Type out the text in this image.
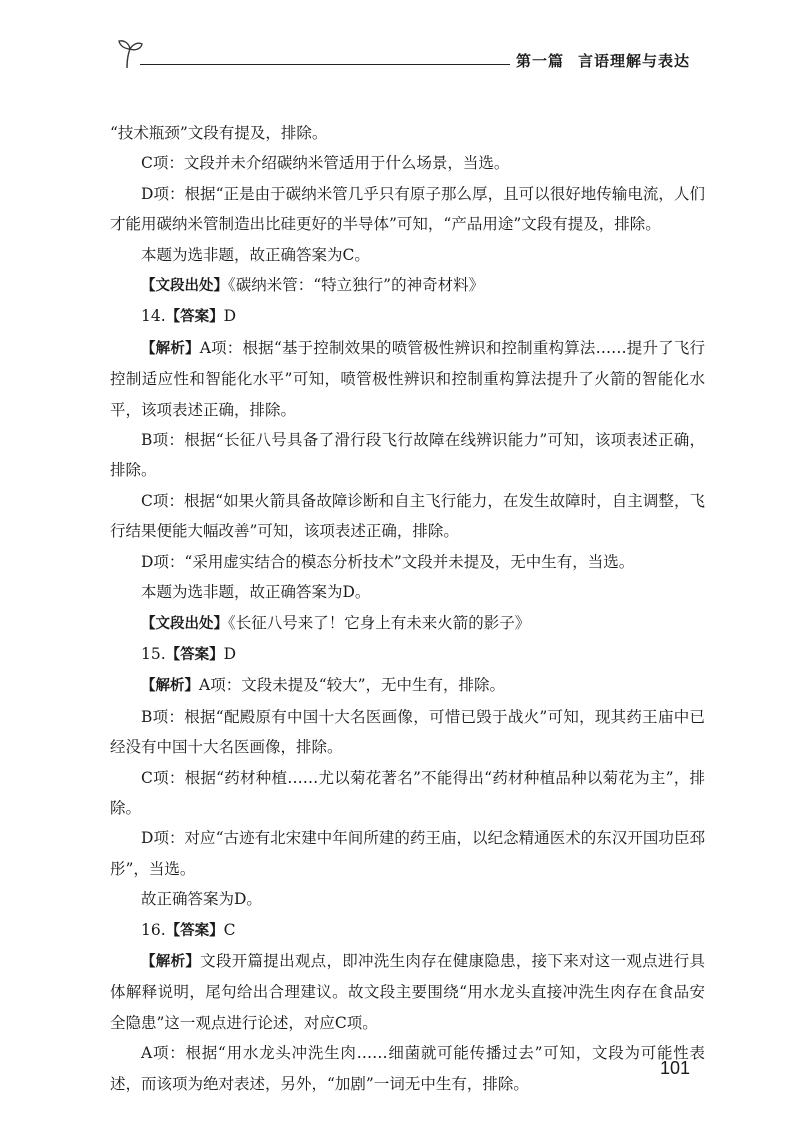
第一篇 言语理解与表达

“技术瓶颈”文段有提及，排除。

C项：文段并未介绍碳纳米管适用于什么场景，当选。

D项：根据“正是由于碳纳米管几乎只有原子那么厚，且可以很好地传输电流，人们才能用碳纳米管制造出比硅更好的半导体”可知，“产品用途”文段有提及，排除。

本题为选非题，故正确答案为C。

【文段出处】《碳纳米管：“特立独行”的神奇材料》

14.【答案】D

【解析】A项：根据“基于控制效果的喷管极性辨识和控制重构算法……提升了飞行控制适应性和智能化水平”可知，喷管极性辨识和控制重构算法提升了火箭的智能化水平，该项表述正确，排除。

B项：根据“长征八号具备了滑行段飞行故障在线辨识能力”可知，该项表述正确，排除。

C项：根据“如果火箭具备故障诊断和自主飞行能力，在发生故障时，自主调整，飞行结果便能大幅改善”可知，该项表述正确，排除。

D项：“采用虚实结合的模态分析技术”文段并未提及，无中生有，当选。

本题为选非题，故正确答案为D。

【文段出处】《长征八号来了！它身上有未来火箭的影子》

15.【答案】D

【解析】A项：文段未提及“较大”，无中生有，排除。

B项：根据“配殿原有中国十大名医画像，可惜已毁于战火”可知，现其药王庙中已经没有中国十大名医画像，排除。

C项：根据“药材种植……尤以菊花著名”不能得出“药材种植品种以菊花为主”，排除。

D项：对应“古迹有北宋建中年间所建的药王庙，以纪念精通医术的东汉开国功臣邳彤”，当选。

故正确答案为D。

16.【答案】C

【解析】文段开篇提出观点，即冲洗生肉存在健康隐患，接下来对这一观点进行具体解释说明，尾句给出合理建议。故文段主要围绕“用水龙头直接冲洗生肉存在食品安全隐患”这一观点进行论述，对应C项。

A项：根据“用水龙头冲洗生肉……细菌就可能传播过去”可知，文段为可能性表述，而该项为绝对表述，另外，“加剧”一词无中生有，排除。

101
